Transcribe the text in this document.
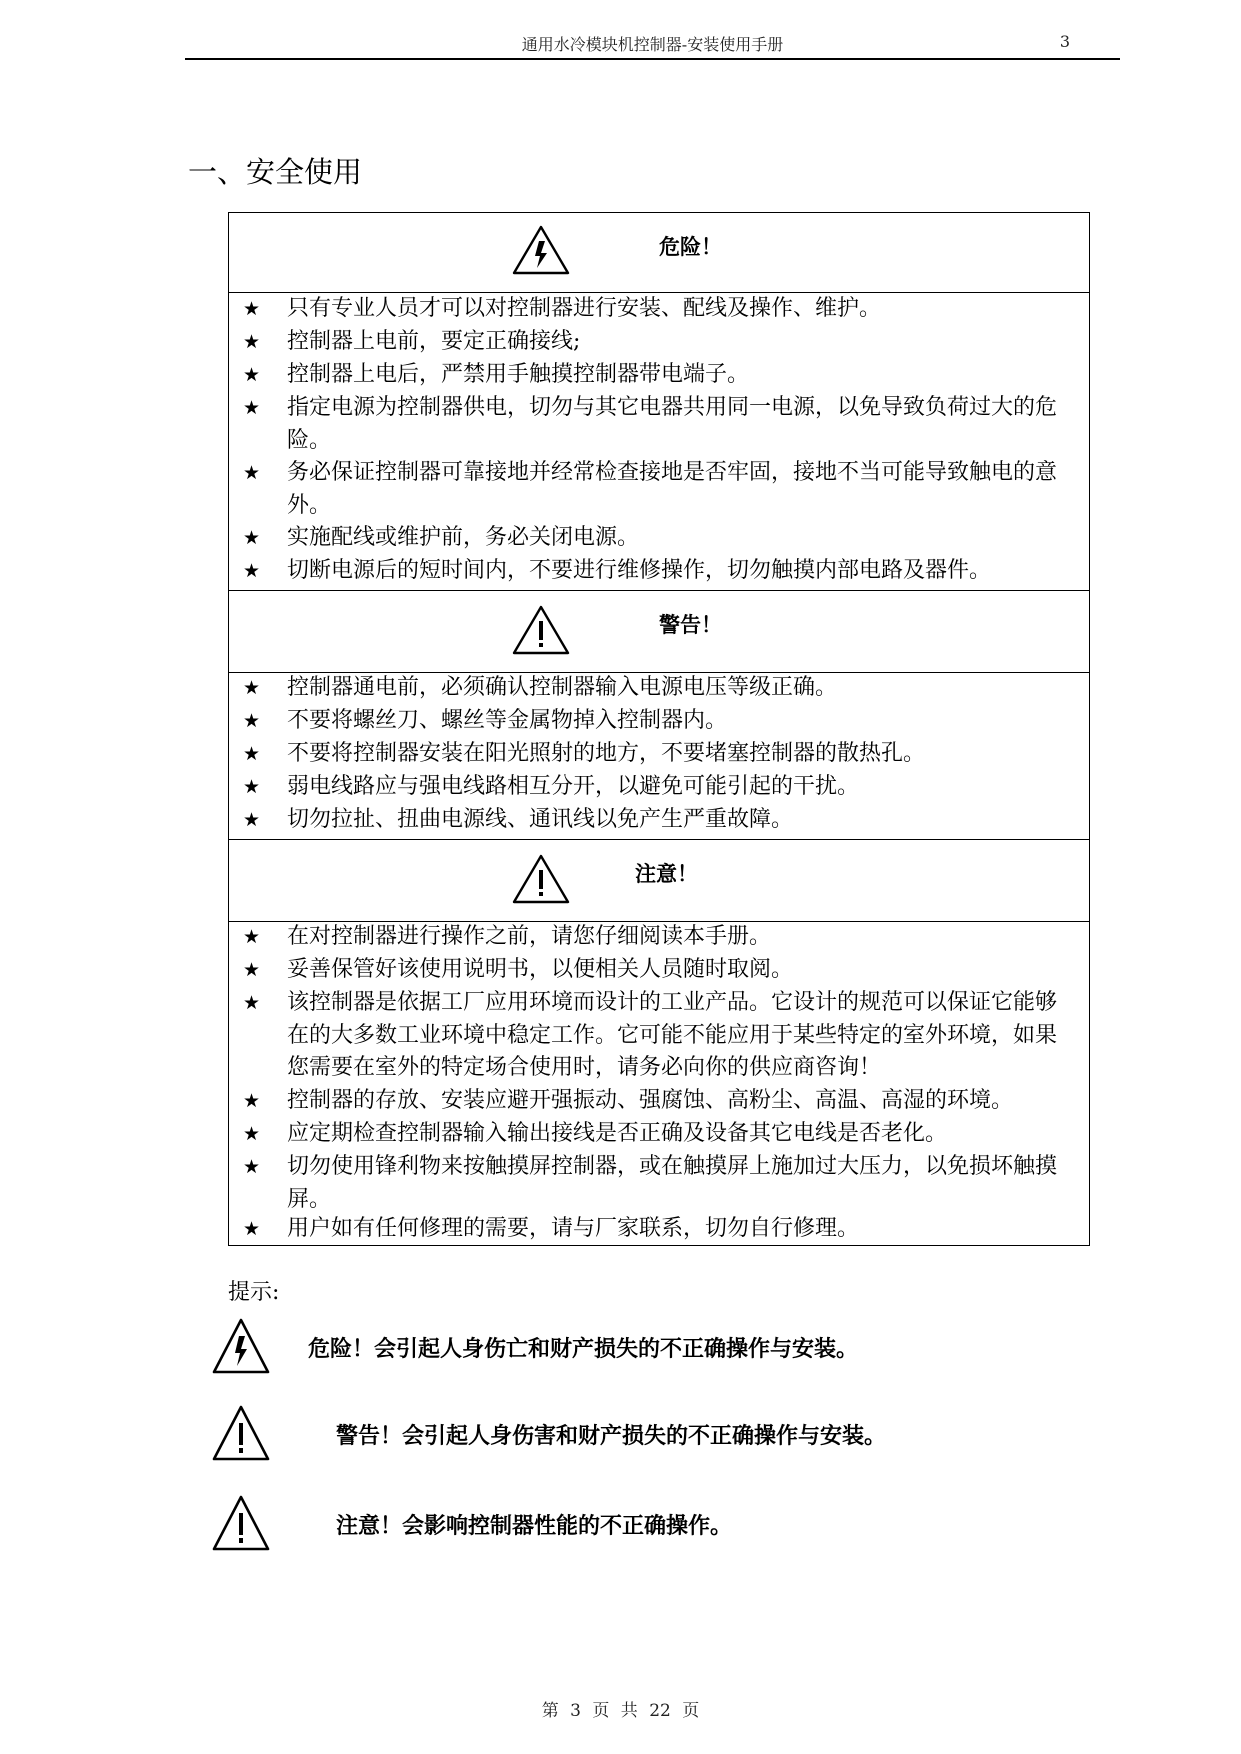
通用水冷模块机控制器-安装使用手册	3
一、安全使用
危险！
★ 只有专业人员才可以对控制器进行安装、配线及操作、维护。
★ 控制器上电前，要定正确接线;
★ 控制器上电后，严禁用手触摸控制器带电端子。
★ 指定电源为控制器供电，切勿与其它电器共用同一电源，以免导致负荷过大的危险。
★ 务必保证控制器可靠接地并经常检查接地是否牢固，接地不当可能导致触电的意外。
★ 实施配线或维护前，务必关闭电源。
★ 切断电源后的短时间内，不要进行维修操作，切勿触摸内部电路及器件。
警告！
★ 控制器通电前，必须确认控制器输入电源电压等级正确。
★ 不要将螺丝刀、螺丝等金属物掉入控制器内。
★ 不要将控制器安装在阳光照射的地方，不要堵塞控制器的散热孔。
★ 弱电线路应与强电线路相互分开，以避免可能引起的干扰。
★ 切勿拉扯、扭曲电源线、通讯线以免产生严重故障。
注意！
★ 在对控制器进行操作之前，请您仔细阅读本手册。
★ 妥善保管好该使用说明书，以便相关人员随时取阅。
★ 该控制器是依据工厂应用环境而设计的工业产品。它设计的规范可以保证它能够在的大多数工业环境中稳定工作。它可能不能应用于某些特定的室外环境，如果您需要在室外的特定场合使用时，请务必向你的供应商咨询！
★ 控制器的存放、安装应避开强振动、强腐蚀、高粉尘、高温、高湿的环境。
★ 应定期检查控制器输入输出接线是否正确及设备其它电线是否老化。
★ 切勿使用锋利物来按触摸屏控制器，或在触摸屏上施加过大压力，以免损坏触摸屏。
★ 用户如有任何修理的需要，请与厂家联系，切勿自行修理。
提示:
危险！会引起人身伤亡和财产损失的不正确操作与安装。
警告！会引起人身伤害和财产损失的不正确操作与安装。
注意！会影响控制器性能的不正确操作。
第 3 页 共 22 页
